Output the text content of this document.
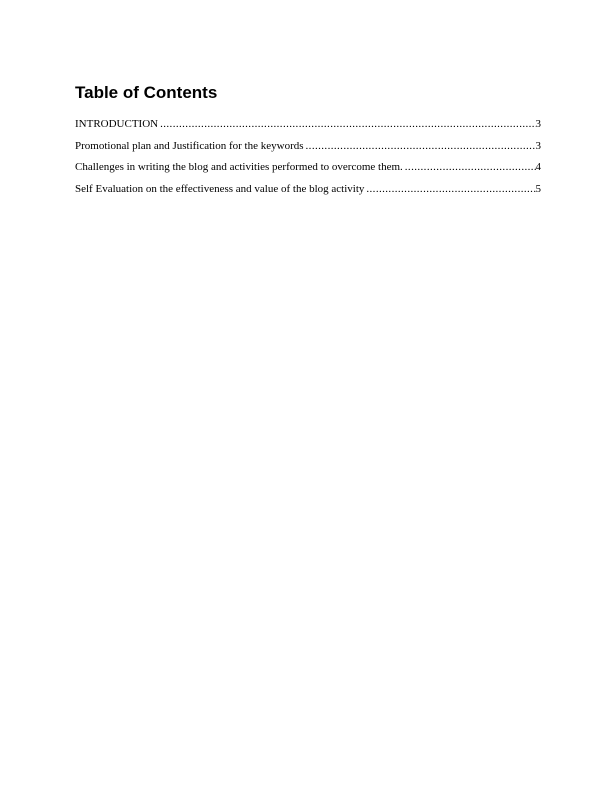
Table of Contents
INTRODUCTION .....	3
Promotional plan and Justification for the keywords .....	3
Challenges in writing the blog and activities performed to overcome them. .....	4
Self Evaluation on the effectiveness and value of the blog activity .....	5
